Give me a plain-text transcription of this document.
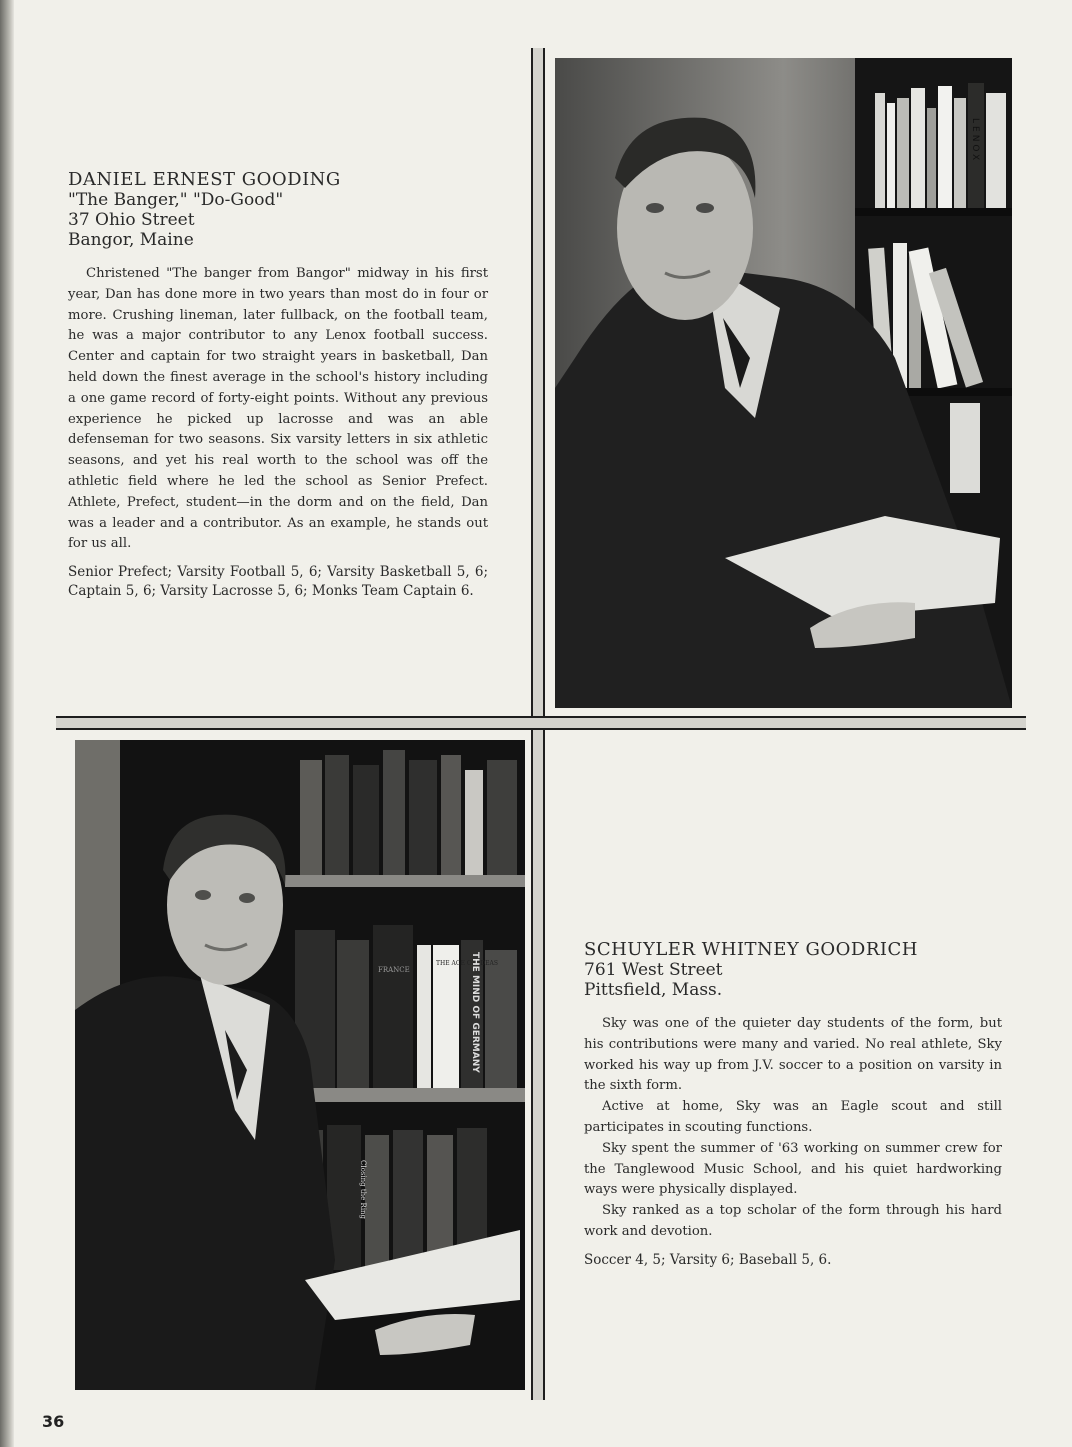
DANIEL ERNEST GOODING

"The Banger," "Do-Good"

37 Ohio Street

Bangor, Maine

Christened "The banger from Bangor" midway in his first year, Dan has done more in two years than most do in four or more. Crushing lineman, later fullback, on the football team, he was a major contributor to any Lenox football success. Center and captain for two straight years in basketball, Dan held down the finest average in the school's history including a one game record of forty-eight points. Without any previous experience he picked up lacrosse and was an able defenseman for two seasons. Six varsity letters in six athletic seasons, and yet his real worth to the school was off the athletic field where he led the school as Senior Prefect. Athlete, Prefect, student—in the dorm and on the field, Dan was a leader and a contributor. As an example, he stands out for us all.

Senior Prefect; Varsity Football 5, 6; Varsity Basketball 5, 6; Captain 5, 6; Varsity Lacrosse 5, 6; Monks Team Captain 6.

LENOX
THE AGE OF IDEAS
THE MIND OF GERMANY
FRANCE
Closing the Ring

SCHUYLER WHITNEY GOODRICH

761 West Street

Pittsfield, Mass.

Sky was one of the quieter day students of the form, but his contributions were many and varied. No real athlete, Sky worked his way up from J.V. soccer to a position on varsity in the sixth form.

Active at home, Sky was an Eagle scout and still participates in scouting functions.

Sky spent the summer of '63 working on summer crew for the Tanglewood Music School, and his quiet hardworking ways were physically displayed.

Sky ranked as a top scholar of the form through his hard work and devotion.

Soccer 4, 5; Varsity 6; Baseball 5, 6.

36
